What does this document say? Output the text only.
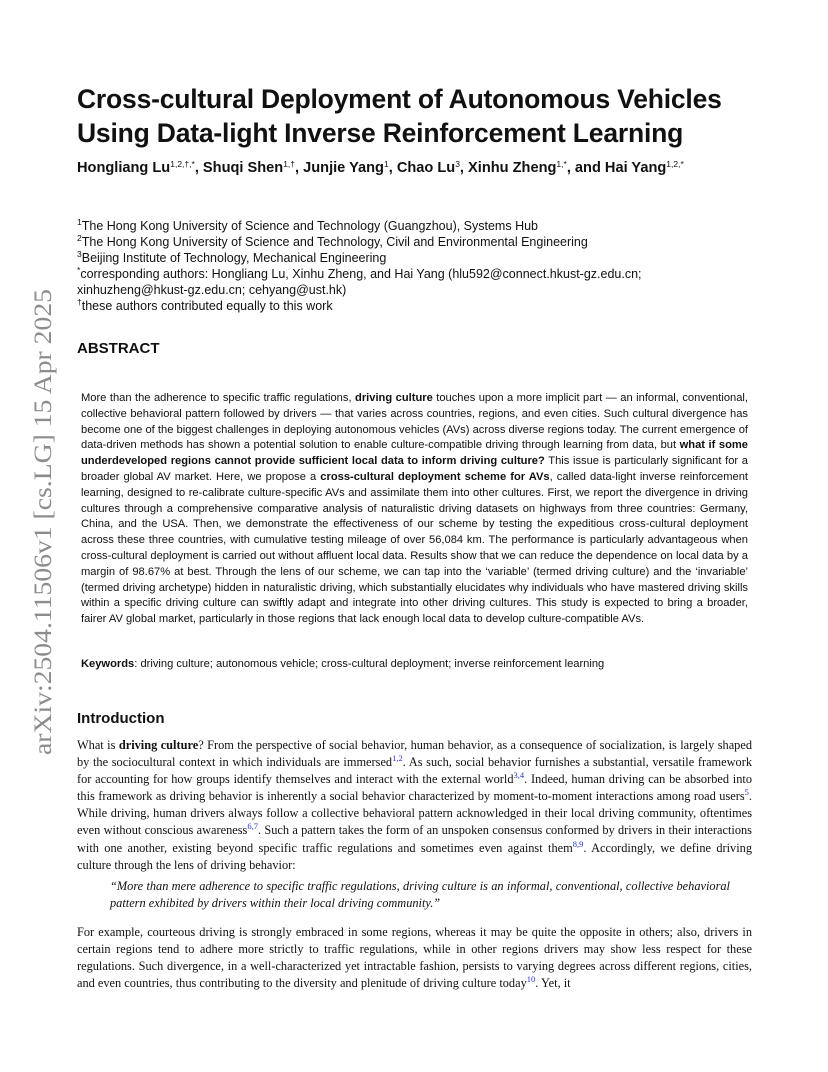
arXiv:2504.11506v1 [cs.LG] 15 Apr 2025
Cross-cultural Deployment of Autonomous Vehicles Using Data-light Inverse Reinforcement Learning
Hongliang $Lu^{1,2,\dagger,*}$, Shuqi Shen$^{1,\dagger}$, Junjie Yang$^1$, Chao Lu$^3$, Xinhu Zheng$^{1,*}$, and Hai Yang$^{1,2,*}$
$^1$The Hong Kong University of Science and Technology (Guangzhou), Systems Hub
$^2$The Hong Kong University of Science and Technology, Civil and Environmental Engineering
$^3$Beijing Institute of Technology, Mechanical Engineering
*corresponding authors: Hongliang Lu, Xinhu Zheng, and Hai Yang (hlu592@connect.hkust-gz.edu.cn;
xinhuzheng@hkust-gz.edu.cn; cehyang@ust.hk)
†these authors contributed equally to this work
ABSTRACT

More than the adherence to specific traffic regulations, driving culture touches upon a more implicit part — an informal, conventional, collective behavioral pattern followed by drivers — that varies across countries, regions, and even cities. Such cultural divergence has become one of the biggest challenges in deploying autonomous vehicles (AVs) across diverse regions today. The current emergence of data-driven methods has shown a potential solution to enable culture-compatible driving through learning from data, but what if some underdeveloped regions cannot provide sufficient local data to inform driving culture? This issue is particularly significant for a broader global AV market. Here, we propose a cross-cultural deployment scheme for AVs, called data-light inverse reinforcement learning, designed to re-calibrate culture-specific AVs and assimilate them into other cultures. First, we report the divergence in driving cultures through a comprehensive comparative analysis of naturalistic driving datasets on highways from three countries: Germany, China, and the USA. Then, we demonstrate the effectiveness of our scheme by testing the expeditious cross-cultural deployment across these three countries, with cumulative testing mileage of over 56,084 km. The performance is particularly advantageous when cross-cultural deployment is carried out without affluent local data. Results show that we can reduce the dependence on local data by a margin of 98.67% at best. Through the lens of our scheme, we can tap into the ‘variable’ (termed driving culture) and the ‘invariable’ (termed driving archetype) hidden in naturalistic driving, which substantially elucidates why individuals who have mastered driving skills within a specific driving culture can swiftly adapt and integrate into other driving cultures. This study is expected to bring a broader, fairer AV global market, particularly in those regions that lack enough local data to develop culture-compatible AVs.

Keywords: driving culture; autonomous vehicle; cross-cultural deployment; inverse reinforcement learning

Introduction

What is driving culture? From the perspective of social behavior, human behavior, as a consequence of socialization, is largely shaped by the sociocultural context in which individuals are immersed$^{1,2}$. As such, social behavior furnishes a substantial, versatile framework for accounting for how groups identify themselves and interact with the external world$^{3,4}$. Indeed, human driving can be absorbed into this framework as driving behavior is inherently a social behavior characterized by moment-to-moment interactions among road users$^5$. While driving, human drivers always follow a collective behavioral pattern acknowledged in their local driving community, oftentimes even without conscious awareness$^{6,7}$. Such a pattern takes the form of an unspoken consensus conformed by drivers in their interactions with one another, existing beyond specific traffic regulations and sometimes even against them$^{8,9}$. Accordingly, we define driving culture through the lens of driving behavior:

“More than mere adherence to specific traffic regulations, driving culture is an informal, conventional, collective behavioral pattern exhibited by drivers within their local driving community.”

For example, courteous driving is strongly embraced in some regions, whereas it may be quite the opposite in others; also, drivers in certain regions tend to adhere more strictly to traffic regulations, while in other regions drivers may show less respect for these regulations. Such divergence, in a well-characterized yet intractable fashion, persists to varying degrees across different regions, cities, and even countries, thus contributing to the diversity and plenitude of driving culture today$^{10}$. Yet, it
